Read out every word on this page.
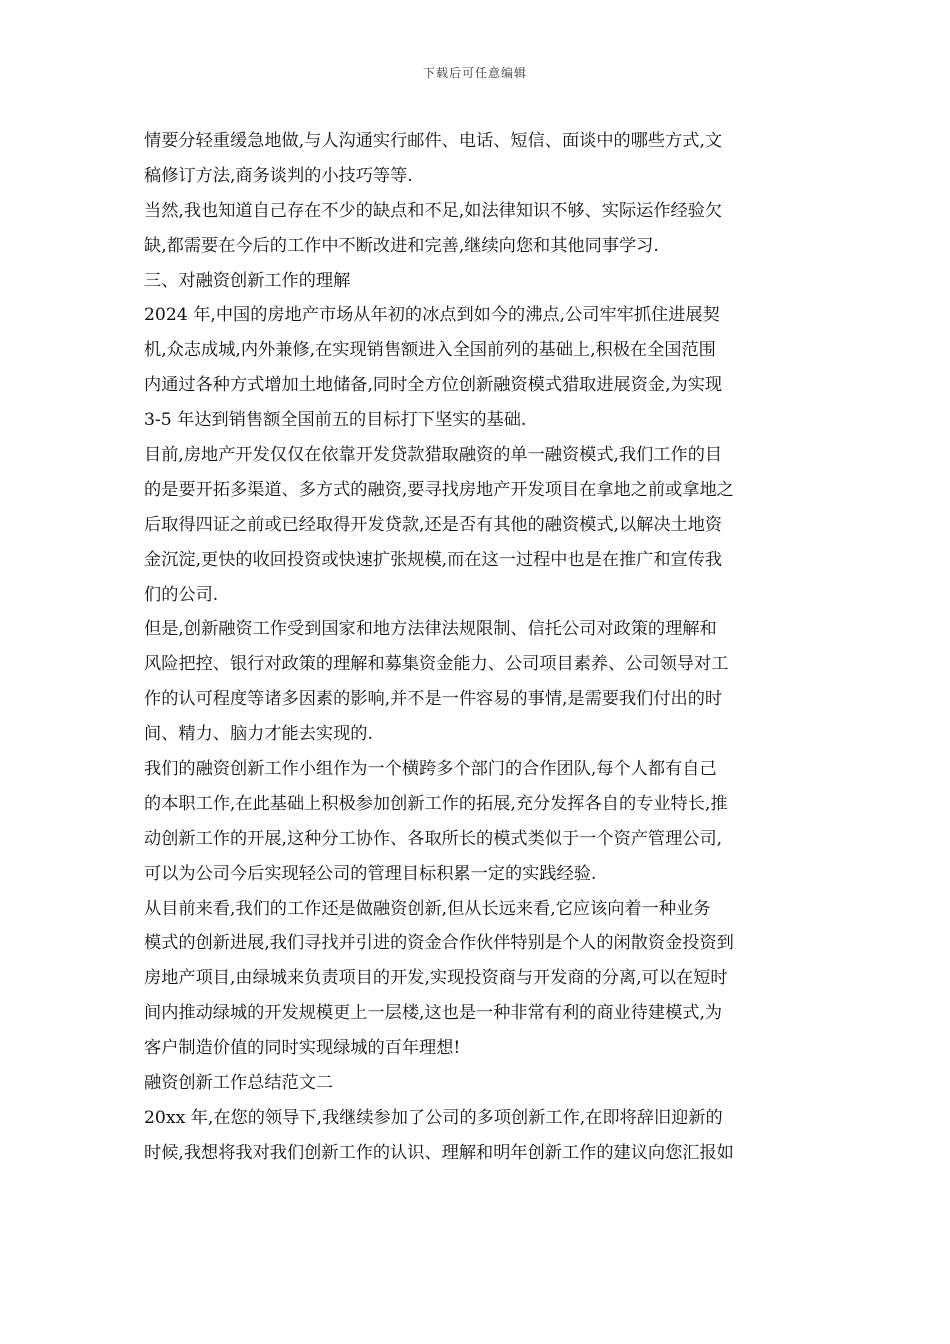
下载后可任意编辑
情要分轻重缓急地做,与人沟通实行邮件、电话、短信、面谈中的哪些方式,文
稿修订方法,商务谈判的小技巧等等.
当然,我也知道自己存在不少的缺点和不足,如法律知识不够、实际运作经验欠
缺,都需要在今后的工作中不断改进和完善,继续向您和其他同事学习.
三、对融资创新工作的理解
2024 年,中国的房地产市场从年初的冰点到如今的沸点,公司牢牢抓住进展契
机,众志成城,内外兼修,在实现销售额进入全国前列的基础上,积极在全国范围
内通过各种方式增加土地储备,同时全方位创新融资模式猎取进展资金,为实现
3-5 年达到销售额全国前五的目标打下坚实的基础.
目前,房地产开发仅仅在依靠开发贷款猎取融资的单一融资模式,我们工作的目
的是要开拓多渠道、多方式的融资,要寻找房地产开发项目在拿地之前或拿地之
后取得四证之前或已经取得开发贷款,还是否有其他的融资模式,以解决土地资
金沉淀,更快的收回投资或快速扩张规模,而在这一过程中也是在推广和宣传我
们的公司.
但是,创新融资工作受到国家和地方法律法规限制、信托公司对政策的理解和
风险把控、银行对政策的理解和募集资金能力、公司项目素养、公司领导对工
作的认可程度等诸多因素的影响,并不是一件容易的事情,是需要我们付出的时
间、精力、脑力才能去实现的.
我们的融资创新工作小组作为一个横跨多个部门的合作团队,每个人都有自己
的本职工作,在此基础上积极参加创新工作的拓展,充分发挥各自的专业特长,推
动创新工作的开展,这种分工协作、各取所长的模式类似于一个资产管理公司,
可以为公司今后实现轻公司的管理目标积累一定的实践经验.
从目前来看,我们的工作还是做融资创新,但从长远来看,它应该向着一种业务
模式的创新进展,我们寻找并引进的资金合作伙伴特别是个人的闲散资金投资到
房地产项目,由绿城来负责项目的开发,实现投资商与开发商的分离,可以在短时
间内推动绿城的开发规模更上一层楼,这也是一种非常有利的商业待建模式,为
客户制造价值的同时实现绿城的百年理想!
融资创新工作总结范文二
20xx 年,在您的领导下,我继续参加了公司的多项创新工作,在即将辞旧迎新的
时候,我想将我对我们创新工作的认识、理解和明年创新工作的建议向您汇报如
